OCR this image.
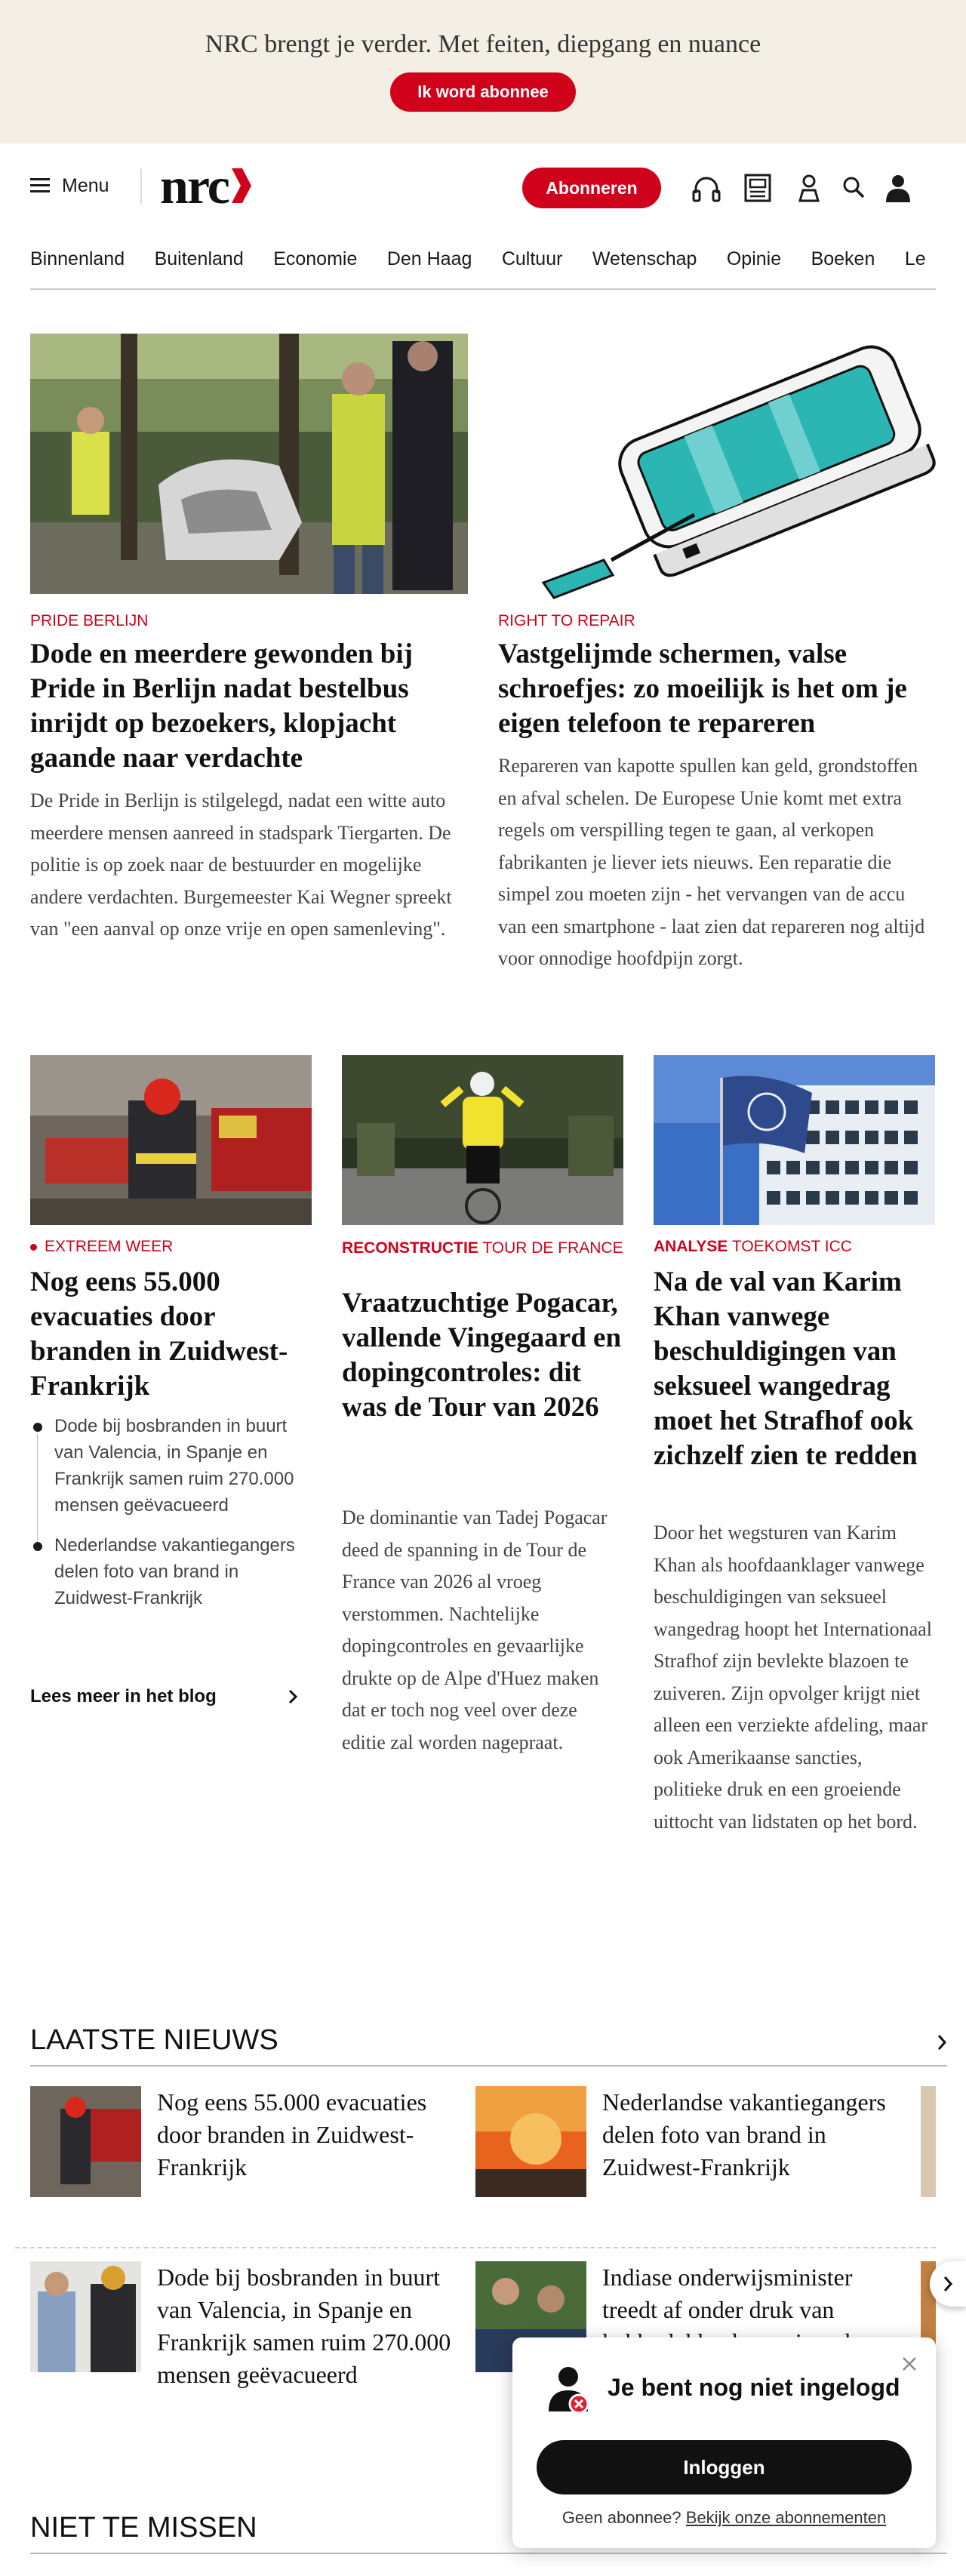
NRC brengt je verder. Met feiten, diepgang en nuance
Ik word abonnee
Menu nrc	Abonneren
Binnenland Buitenland Economie Den Haag Cultuur Wetenschap Opinie Boeken Le
PRIDE BERLIJN
Dode en meerdere gewonden bij Pride in Berlijn nadat bestelbus inrijdt op bezoekers, klopjacht gaande naar verdachte
De Pride in Berlijn is stilgelegd, nadat een witte auto meerdere mensen aanreed in stadspark Tiergarten. De politie is op zoek naar de bestuurder en mogelijke andere verdachten. Burgemeester Kai Wegner spreekt van "een aanval op onze vrije en open samenleving".
RIGHT TO REPAIR
Vastgelijmde schermen, valse schroefjes: zo moeilijk is het om je eigen telefoon te repareren
Repareren van kapotte spullen kan geld, grondstoffen en afval schelen. De Europese Unie komt met extra regels om verspilling tegen te gaan, al verkopen fabrikanten je liever iets nieuws. Een reparatie die simpel zou moeten zijn - het vervangen van de accu van een smartphone - laat zien dat repareren nog altijd voor onnodige hoofdpijn zorgt.
EXTREEM WEER
Nog eens 55.000 evacuaties door branden in Zuidwest-Frankrijk
Dode bij bosbranden in buurt van Valencia, in Spanje en Frankrijk samen ruim 270.000 mensen geëvacueerd
Nederlandse vakantiegangers delen foto van brand in Zuidwest-Frankrijk
Lees meer in het blog
RECONSTRUCTIE TOUR DE FRANCE
Vraatzuchtige Pogacar, vallende Vingegaard en dopingcontroles: dit was de Tour van 2026
De dominantie van Tadej Pogacar deed de spanning in de Tour de France van 2026 al vroeg verstommen. Nachtelijke dopingcontroles en gevaarlijke drukte op de Alpe d'Huez maken dat er toch nog veel over deze editie zal worden nagepraat.
ANALYSE TOEKOMST ICC
Na de val van Karim Khan vanwege beschuldigingen van seksueel wangedrag moet het Strafhof ook zichzelf zien te redden
Door het wegsturen van Karim Khan als hoofdaanklager vanwege beschuldigingen van seksueel wangedrag hoopt het Internationaal Strafhof zijn bevlekte blazoen te zuiveren. Zijn opvolger krijgt niet alleen een verziekte afdeling, maar ook Amerikaanse sancties, politieke druk en een groeiende uittocht van lidstaten op het bord.
LAATSTE NIEUWS
Nog eens 55.000 evacuaties door branden in Zuidwest-Frankrijk
Nederlandse vakantiegangers delen foto van brand in Zuidwest-Frankrijk
Dode bij bosbranden in buurt van Valencia, in Spanje en Frankrijk samen ruim 270.000 mensen geëvacueerd
Indiase onderwijsminister treedt af onder druk van
NIET TE MISSEN
Je bent nog niet ingelogd
Inloggen
Geen abonnee? Bekijk onze abonnementen
